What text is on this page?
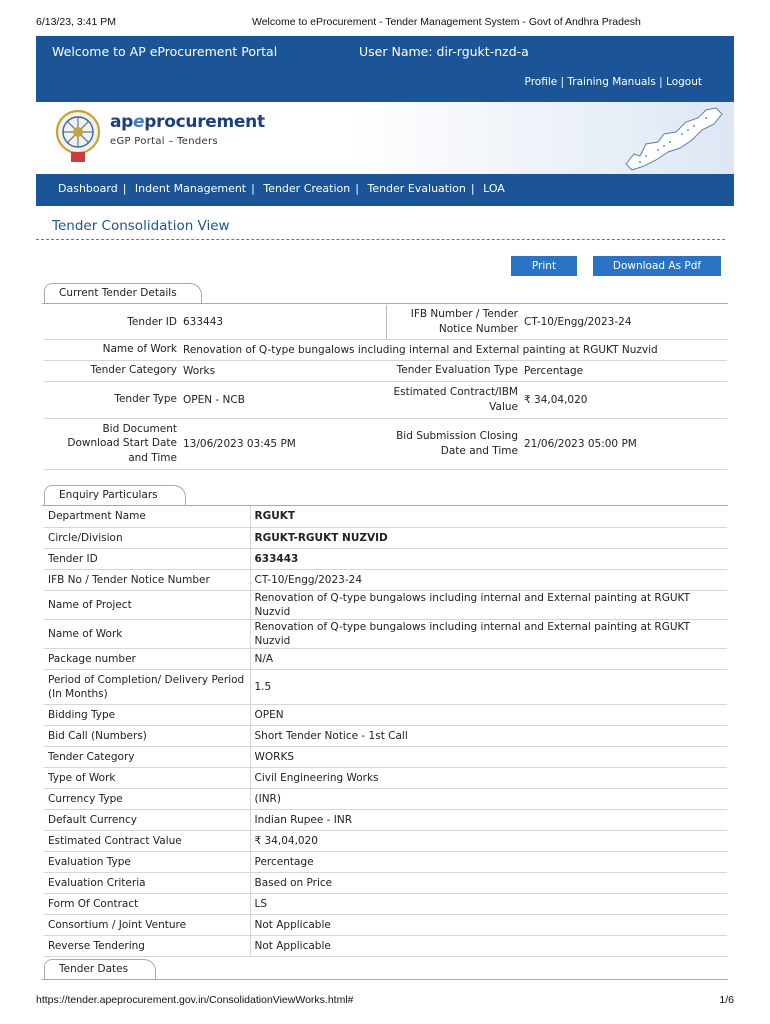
6/13/23, 3:41 PM	Welcome to eProcurement - Tender Management System - Govt of Andhra Pradesh
Welcome to AP eProcurement Portal	User Name: dir-rgukt-nzd-a
Profile | Training Manuals | Logout
apeprocurement
eGP Portal – Tenders
Dashboard | Indent Management | Tender Creation | Tender Evaluation | LOA
Tender Consolidation View
Print	Download As Pdf
Current Tender Details
Tender ID	633443	IFB Number / Tender Notice Number	CT-10/Engg/2023-24
Name of Work	Renovation of Q-type bungalows including internal and External painting at RGUKT Nuzvid		
Tender Category	Works	Tender Evaluation Type	Percentage
Tender Type	OPEN - NCB	Estimated Contract/IBM Value	₹ 34,04,020
Bid Document Download Start Date and Time	13/06/2023 03:45 PM	Bid Submission Closing Date and Time	21/06/2023 05:00 PM
Enquiry Particulars
Department Name	RGUKT
Circle/Division	RGUKT-RGUKT NUZVID
Tender ID	633443
IFB No / Tender Notice Number	CT-10/Engg/2023-24
Name of Project	Renovation of Q-type bungalows including internal and External painting at RGUKT Nuzvid
Name of Work	Renovation of Q-type bungalows including internal and External painting at RGUKT Nuzvid
Package number	N/A
Period of Completion/ Delivery Period (In Months)	1.5
Bidding Type	OPEN
Bid Call (Numbers)	Short Tender Notice - 1st Call
Tender Category	WORKS
Type of Work	Civil Engineering Works
Currency Type	(INR)
Default Currency	Indian Rupee - INR
Estimated Contract Value	₹ 34,04,020
Evaluation Type	Percentage
Evaluation Criteria	Based on Price
Form Of Contract	LS
Consortium / Joint Venture	Not Applicable
Reverse Tendering	Not Applicable
Tender Dates
https://tender.apeprocurement.gov.in/ConsolidationViewWorks.html#	1/6
